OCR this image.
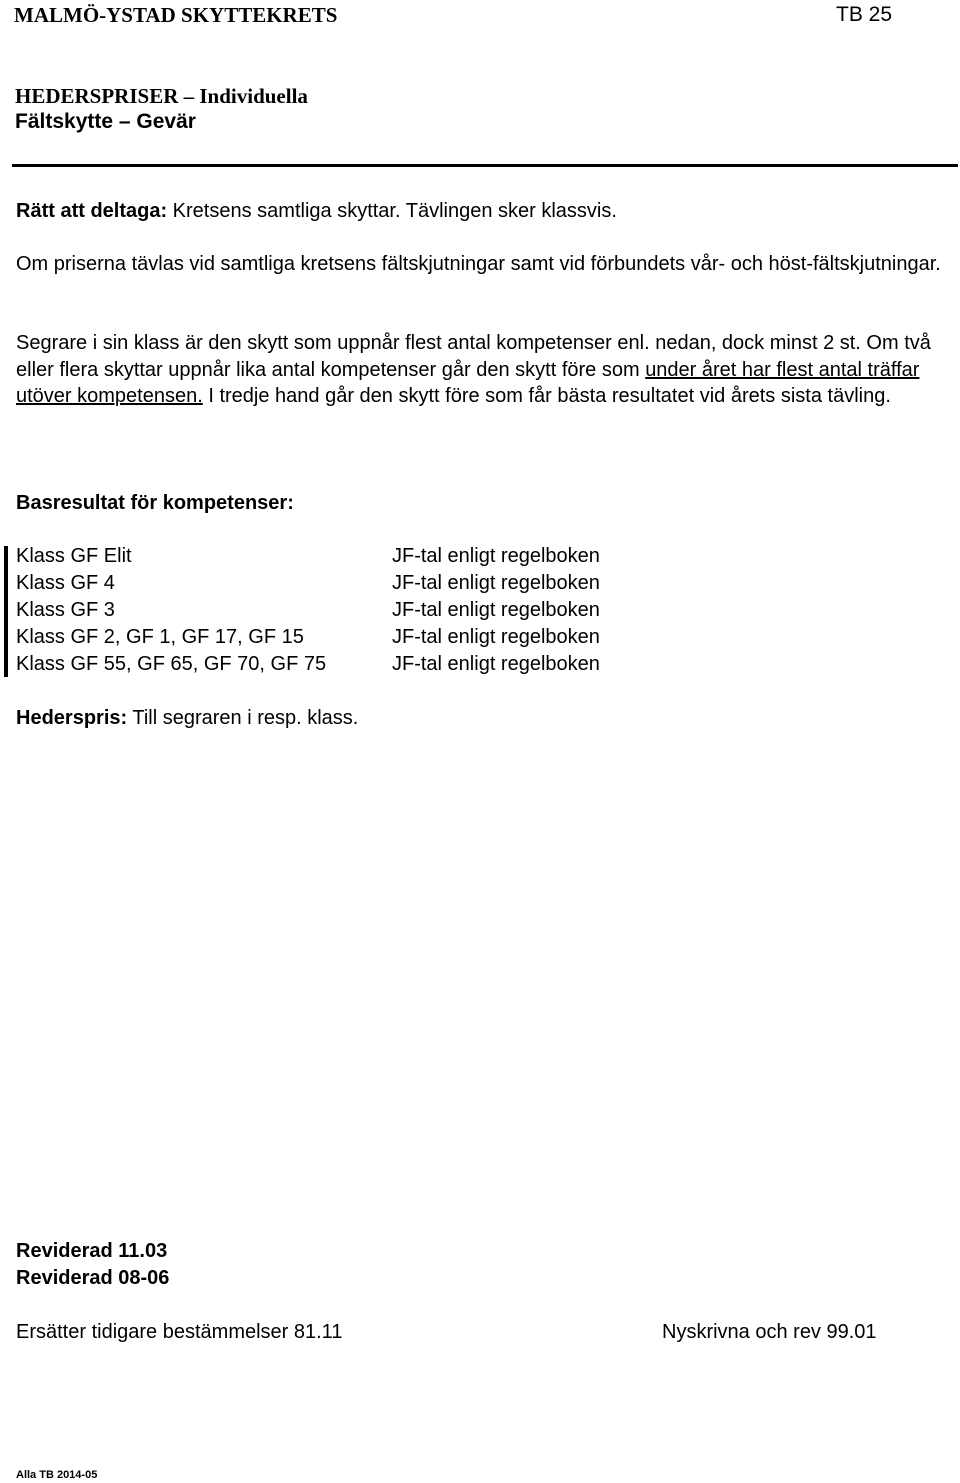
MALMÖ-YSTAD SKYTTEKRETS	TB 25
HEDERSPRISER – Individuella
Fältskytte – Gevär
Rätt att deltaga: Kretsens samtliga skyttar. Tävlingen sker klassvis.
Om priserna tävlas vid samtliga kretsens fältskjutningar samt vid förbundets vår- och höst-fältskjutningar.
Segrare i sin klass är den skytt som uppnår flest antal kompetenser enl. nedan, dock minst 2 st. Om två eller flera skyttar uppnår lika antal kompetenser går den skytt före som under året har flest antal träffar utöver kompetensen. I tredje hand går den skytt före som får bästa resultatet vid årets sista tävling.
Basresultat för kompetenser:
Klass GF Elit	JF-tal enligt regelboken
Klass GF 4	JF-tal enligt regelboken
Klass GF 3	JF-tal enligt regelboken
Klass GF 2, GF 1, GF 17, GF 15	JF-tal enligt regelboken
Klass GF 55, GF 65, GF 70, GF 75	JF-tal enligt regelboken
Hederspris: Till segraren i resp. klass.
Reviderad 11.03
Reviderad 08-06
Ersätter tidigare bestämmelser 81.11	Nyskrivna och rev 99.01
Alla TB 2014-05
